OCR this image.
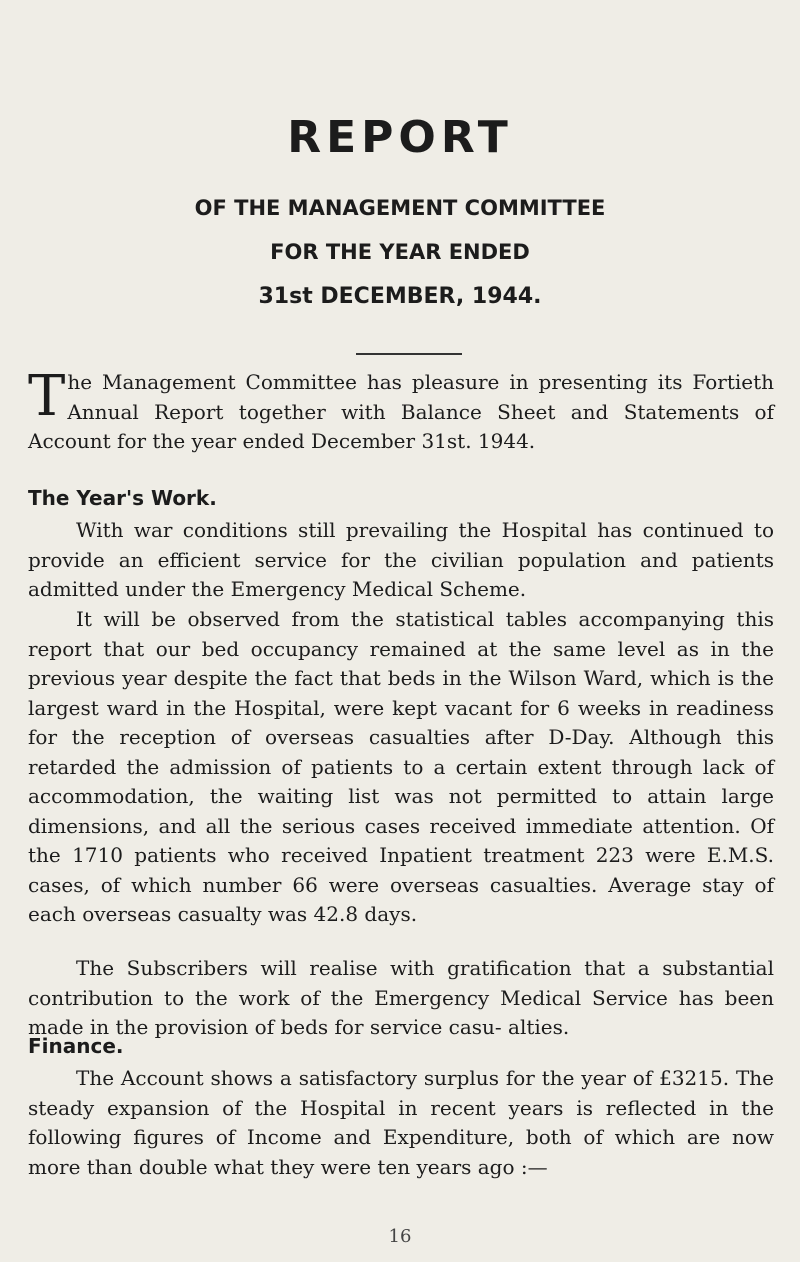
REPORT

OF THE MANAGEMENT COMMITTEE

FOR THE YEAR ENDED

31st DECEMBER, 1944.

The Management Committee has pleasure in presenting its Fortieth Annual Report together with Balance Sheet and Statements of Account for the year ended December 31st. 1944.

The Year's Work.

With war conditions still prevailing the Hospital has continued to provide an efficient service for the civilian population and patients admitted under the Emergency Medical Scheme.

It will be observed from the statistical tables accompanying this report that our bed occupancy remained at the same level as in the previous year despite the fact that beds in the Wilson Ward, which is the largest ward in the Hospital, were kept vacant for 6 weeks in readiness for the reception of overseas casualties after D-Day. Although this retarded the admission of patients to a certain extent through lack of accommodation, the waiting list was not permitted to attain large dimensions, and all the serious cases received immediate attention. Of the 1710 patients who received Inpatient treatment 223 were E.M.S. cases, of which number 66 were overseas casualties. Average stay of each overseas casualty was 42.8 days.

The Subscribers will realise with gratification that a substantial contribution to the work of the Emergency Medical Service has been made in the provision of beds for service casu- alties.

Finance.

The Account shows a satisfactory surplus for the year of £3215. The steady expansion of the Hospital in recent years is reflected in the following figures of Income and Expenditure, both of which are now more than double what they were ten years ago :—

16
